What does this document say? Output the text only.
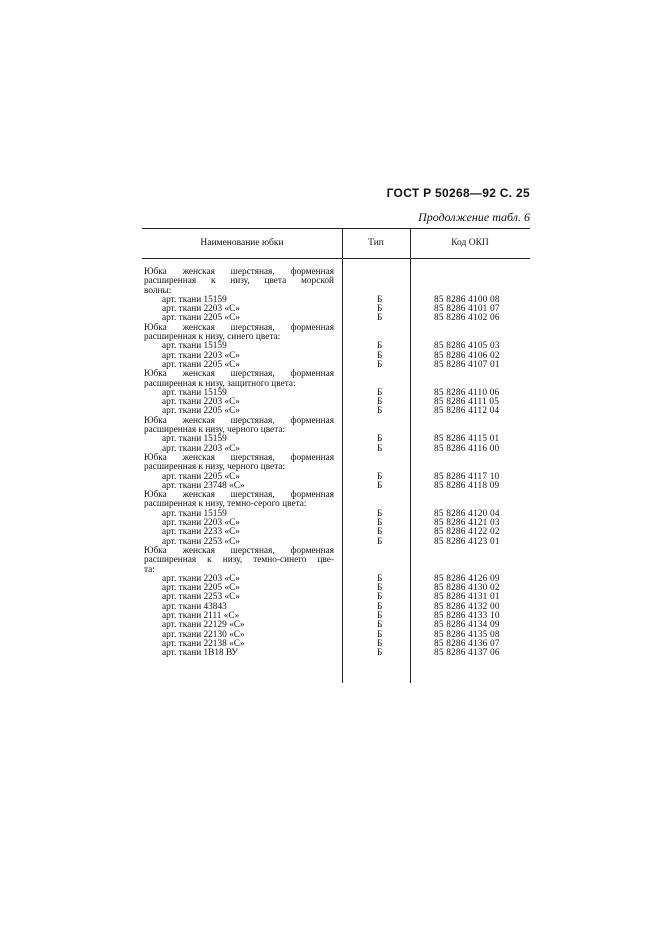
ГОСТ Р 50268—92 С. 25
Продолжение табл. 6
Наименование юбки	Тип	Код ОКП
Юбка женская шерстяная, форменная
расширенная к низу, цвета морской
волны:
арт. ткани 15159	Б	85 8286 4100 08
арт. ткани 2203 «С»	Б	85 8286 4101 07
арт. ткани 2205 «С»	Б	85 8286 4102 06
Юбка женская шерстяная, форменная
расширенная к низу, синего цвета:
арт. ткани 15159	Б	85 8286 4105 03
арт. ткани 2203 «С»	Б	85 8286 4106 02
арт. ткани 2205 «С»	Б	85 8286 4107 01
Юбка женская шерстяная, форменная
расширенная к низу, защитного цвета:
арт. ткани 15159	Б	85 8286 4110 06
арт. ткани 2203 «С»	Б	85 8286 4111 05
арт. ткани 2205 «С»	Б	85 8286 4112 04
Юбка женская шерстяная, форменная
расширенная к низу, черного цвета:
арт. ткани 15159	Б	85 8286 4115 01
арт. ткани 2203 «С»	Б	85 8286 4116 00
Юбка женская шерстяная, форменная
расширенная к низу, черного цвета:
арт. ткани 2205 «С»	Б	85 8286 4117 10
арт. ткани 23748 «С»	Б	85 8286 4118 09
Юбка женская шерстяная, форменная
расширенная к низу, темно-серого цвета:
арт. ткани 15159	Б	85 8286 4120 04
арт. ткани 2203 «С»	Б	85 8286 4121 03
арт. ткани 2233 «С»	Б	85 8286 4122 02
арт. ткани 2253 «С»	Б	85 8286 4123 01
Юбка женская шерстяная, форменная
расширенная к низу, темно-синего цве-
та:
арт. ткани 2203 «С»	Б	85 8286 4126 09
арт. ткани 2205 «С»	Б	85 8286 4130 02
арт. ткани 2253 «С»	Б	85 8286 4131 01
арт. ткани 43843	Б	85 8286 4132 00
арт. ткани 2111 «С»	Б	85 8286 4133 10
арт. ткани 22129 «С»	Б	85 8286 4134 09
арт. ткани 22130 «С»	Б	85 8286 4135 08
арт. ткани 22138 «С»	Б	85 8286 4136 07
арт. ткани 1В18 ВУ	Б	85 8286 4137 06
